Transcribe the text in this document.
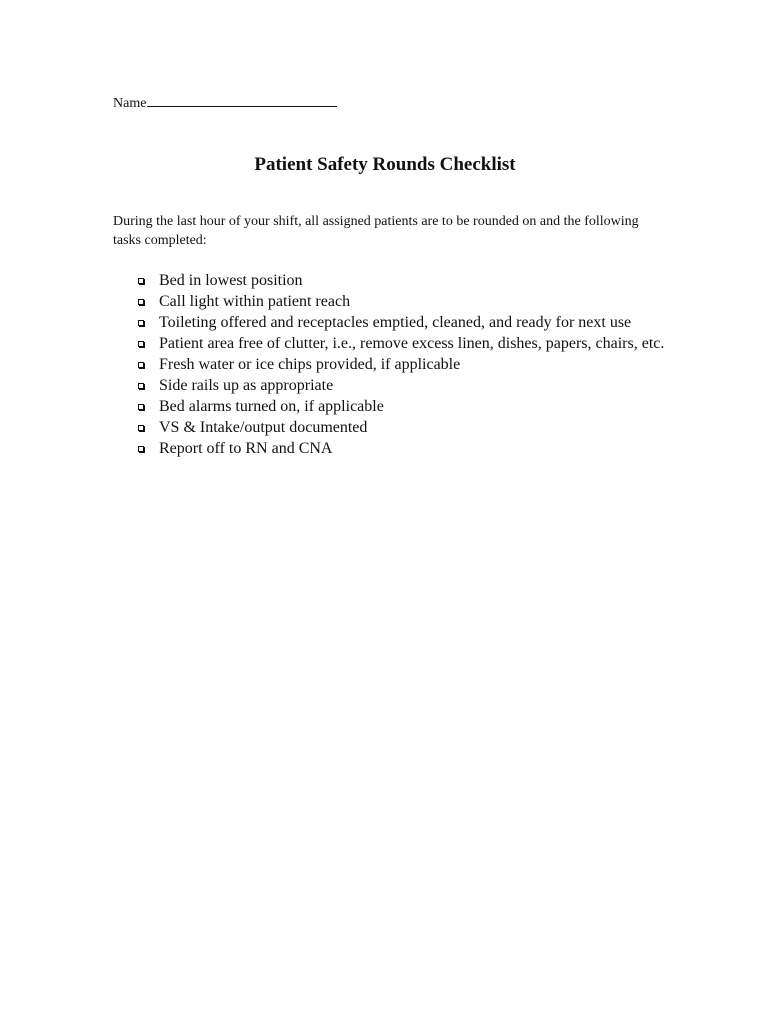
Name
Patient Safety Rounds Checklist
During the last hour of your shift, all assigned patients are to be rounded on and the following tasks completed:
Bed in lowest position
Call light within patient reach
Toileting offered and receptacles emptied, cleaned, and ready for next use
Patient area free of clutter, i.e., remove excess linen, dishes, papers, chairs, etc.
Fresh water or ice chips provided, if applicable
Side rails up as appropriate
Bed alarms turned on, if applicable
VS & Intake/output documented
Report off to RN and CNA
